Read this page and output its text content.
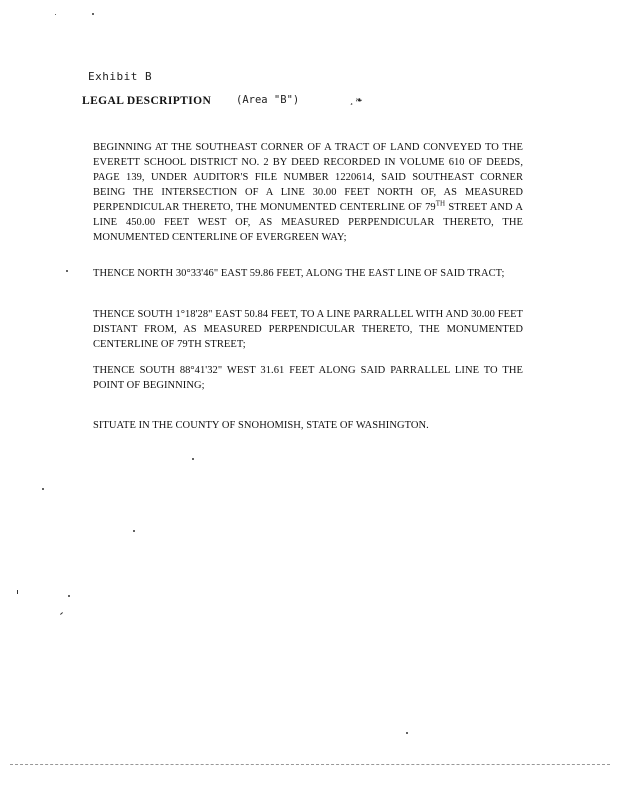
Exhibit B
LEGAL DESCRIPTION (Area "B")	¸ ❧

BEGINNING AT THE SOUTHEAST CORNER OF A TRACT OF LAND CONVEYED TO THE EVERETT SCHOOL DISTRICT NO. 2 BY DEED RECORDED IN VOLUME 610 OF DEEDS, PAGE 139, UNDER AUDITOR'S FILE NUMBER 1220614, SAID SOUTHEAST CORNER BEING THE INTERSECTION OF A LINE 30.00 FEET NORTH OF, AS MEASURED PERPENDICULAR THERETO, THE MONUMENTED CENTERLINE OF 79TH STREET AND A LINE 450.00 FEET WEST OF, AS MEASURED PERPENDICULAR THERETO, THE MONUMENTED CENTERLINE OF EVERGREEN WAY;

THENCE NORTH 30°33'46" EAST 59.86 FEET, ALONG THE EAST LINE OF SAID TRACT;

THENCE SOUTH 1°18'28" EAST 50.84 FEET, TO A LINE PARRALLEL WITH AND 30.00 FEET DISTANT FROM, AS MEASURED PERPENDICULAR THERETO, THE MONUMENTED CENTERLINE OF 79TH STREET;

THENCE SOUTH 88°41'32" WEST 31.61 FEET ALONG SAID PARRALLEL LINE TO THE POINT OF BEGINNING;

SITUATE IN THE COUNTY OF SNOHOMISH, STATE OF WASHINGTON.
